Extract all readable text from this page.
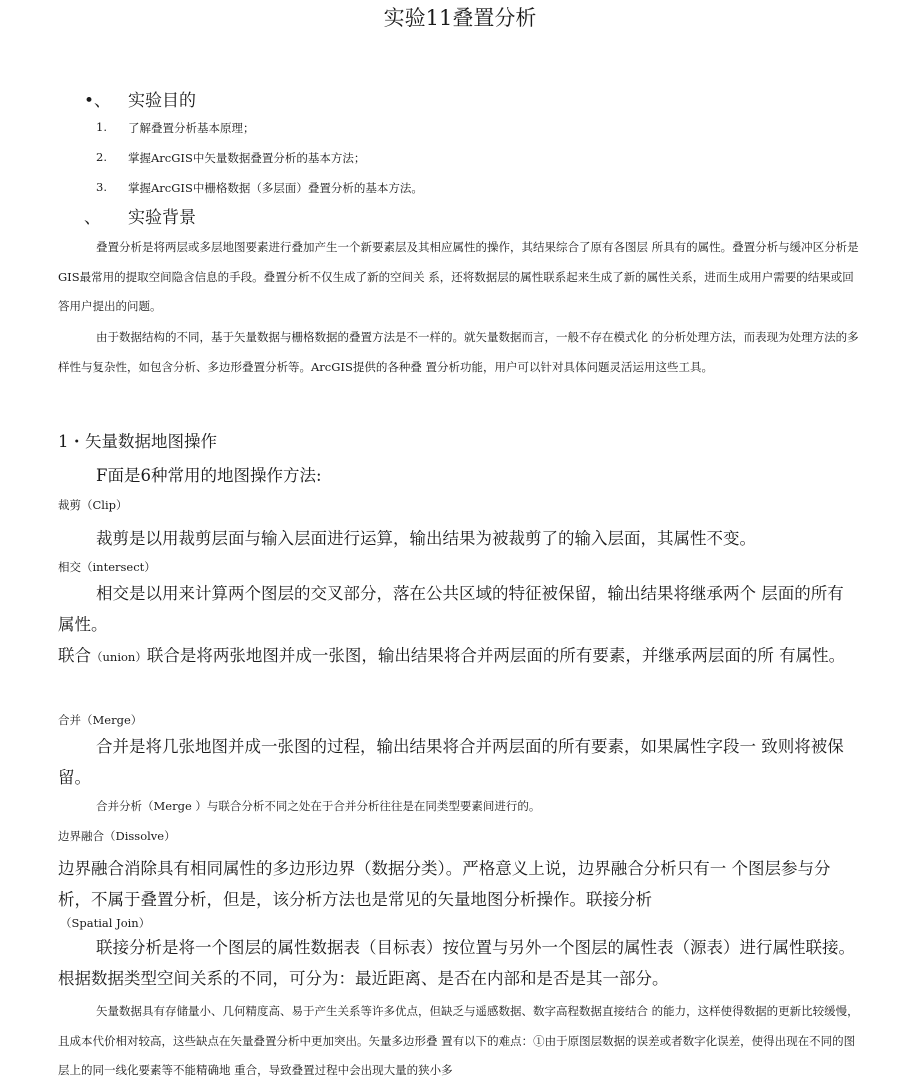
实验11叠置分析
•、 实验目的
1. 了解叠置分析基本原理；
2. 掌握ArcGIS中矢量数据叠置分析的基本方法；
3. 掌握ArcGIS中栅格数据（多层面）叠置分析的基本方法。
、 实验背景
叠置分析是将两层或多层地图要素进行叠加产生一个新要素层及其相应属性的操作，其结果综合了原有各图层 所具有的属性。叠置分析与缓冲区分析是GIS最常用的提取空间隐含信息的手段。叠置分析不仅生成了新的空间关 系，还将数据层的属性联系起来生成了新的属性关系，进而生成用户需要的结果或回答用户提出的问题。
由于数据结构的不同，基于矢量数据与栅格数据的叠置方法是不一样的。就矢量数据而言，一般不存在模式化 的分析处理方法，而表现为处理方法的多样性与复杂性，如包含分析、多边形叠置分析等。ArcGIS提供的各种叠 置分析功能，用户可以针对具体问题灵活运用这些工具。
1・矢量数据地图操作
F面是6种常用的地图操作方法:
裁剪（Clip）
裁剪是以用裁剪层面与输入层面进行运算，输出结果为被裁剪了的输入层面，其属性不变。
相交（intersect）
相交是以用来计算两个图层的交叉部分，落在公共区域的特征被保留，输出结果将继承两个 层面的所有属性。
联合（union）联合是将两张地图并成一张图，输出结果将合并两层面的所有要素，并继承两层面的所 有属性。
合并（Merge）
合并是将几张地图并成一张图的过程，输出结果将合并两层面的所有要素，如果属性字段一 致则将被保留。
合并分析（Merge ）与联合分析不同之处在于合并分析往往是在同类型要素间进行的。
边界融合（Dissolve）
边界融合消除具有相同属性的多边形边界（数据分类）。严格意义上说，边界融合分析只有一 个图层参与分析，不属于叠置分析，但是，该分析方法也是常见的矢量地图分析操作。联接分析
（Spatial Join）
联接分析是将一个图层的属性数据表（目标表）按位置与另外一个图层的属性表（源表）进行属性联接。根据数据类型空间关系的不同，可分为：最近距离、是否在内部和是否是其一部分。
矢量数据具有存储量小、几何精度高、易于产生关系等许多优点，但缺乏与遥感数据、数字高程数据直接结合 的能力，这样使得数据的更新比较缓慢，且成本代价相对较高，这些缺点在矢量叠置分析中更加突出。矢量多边形叠 置有以下的难点：①由于原图层数据的误差或者数字化误差，使得出现在不同的图层上的同一线化要素等不能精确地 重合，导致叠置过程中会出现大量的狭小多
